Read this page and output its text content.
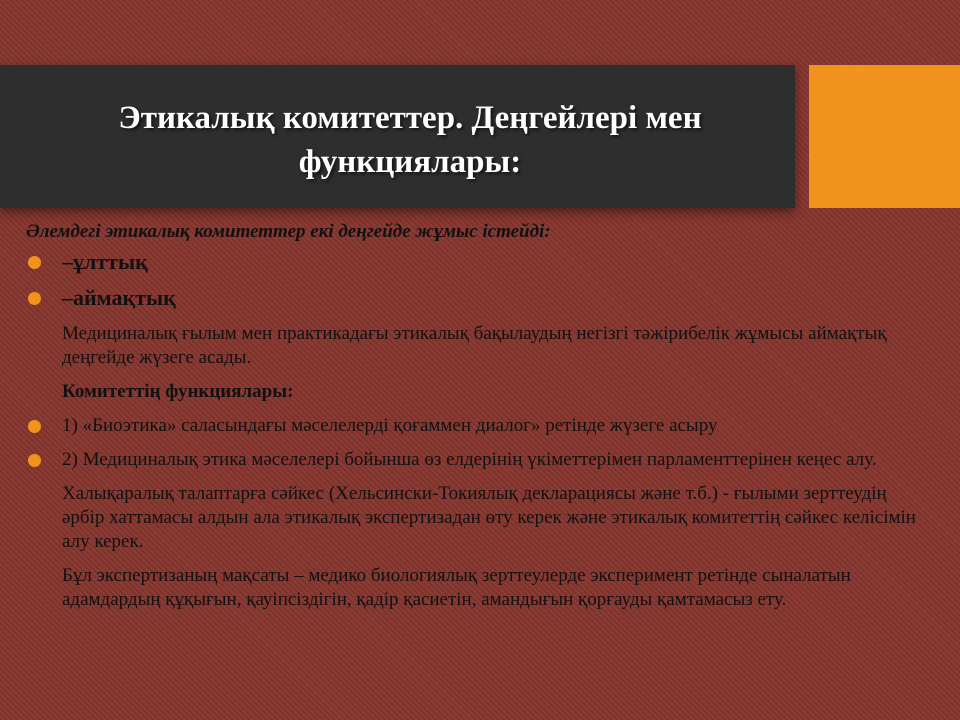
Этикалық комитеттер. Деңгейлері мен функциялары:

Әлемдегі этикалық комитеттер екі деңгейде жұмыс істейді:

–ұлттық
–аймақтық
Медициналық ғылым мен практикадағы этикалық бақылаудың негізгі тәжірибелік жұмысы аймақтық деңгейде жүзеге асады.
Комитеттің функциялары:
1) «Биоэтика» саласындағы мәселелерді қоғаммен диалог» ретінде жүзеге асыру
2) Медициналық этика мәселелері бойынша өз елдерінің үкіметтерімен парламенттерінен кеңес алу.
Халықаралық талаптарға сәйкес (Хельсински-Токиялық декларациясы және т.б.) - ғылыми зерттеудің әрбір хаттамасы алдын ала этикалық экспертизадан өту керек және этикалық комитеттің сәйкес келісімін алу керек.
Бұл экспертизаның мақсаты – медико биологиялық зерттеулерде эксперимент ретінде сыналатын адамдардың құқығын, қауіпсіздігін, қадір қасиетін, амандығын қорғауды қамтамасыз ету.
